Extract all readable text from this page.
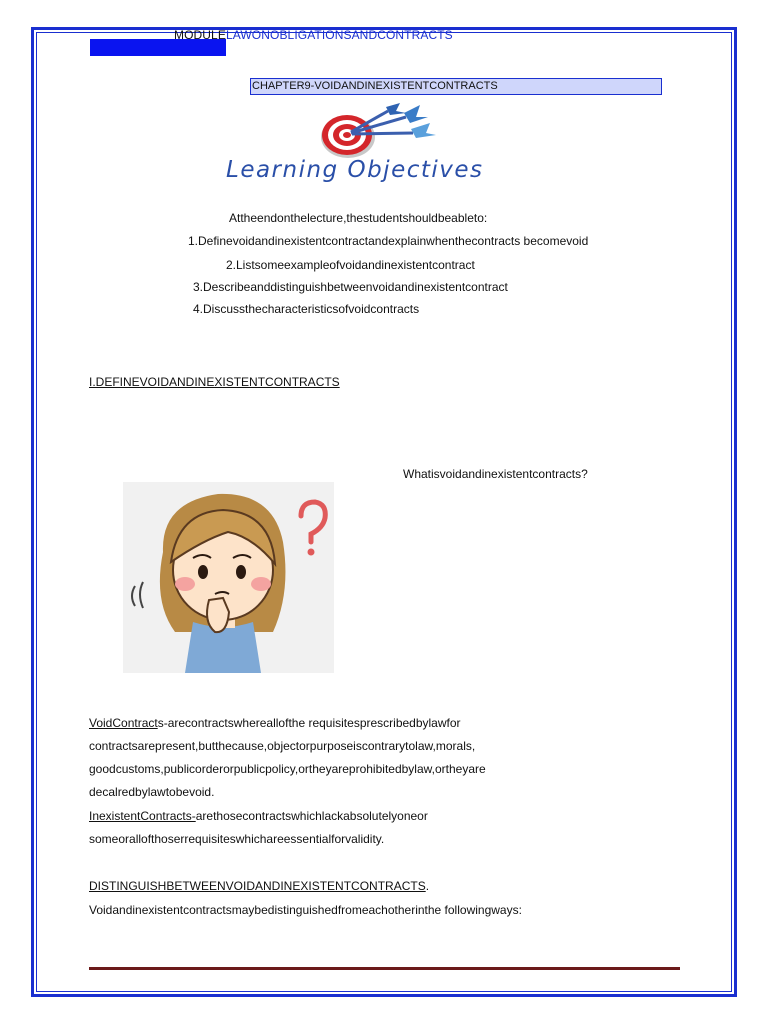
MODULELAWONOBLIGATIONSANDCONTRACTS
CHAPTER9-VOIDANDINEXISTENTCONTRACTS
Learning Objectives
Attheendonthelecture,thestudentshouldbeableto:
1.Definevoidandinexistentcontractandexplainwhenthecontracts becomevoid
2.Listsomeexampleofvoidandinexistentcontract
3.Describeanddistinguishbetweenvoidandinexistentcontract
4.Discussthecharacteristicsofvoidcontracts
I.DEFINEVOIDANDINEXISTENTCONTRACTS
Whatisvoidandinexistentcontracts?
VoidContracts-arecontractswhereallofthe requisitesprescribedbylawfor
contractsarepresent,butthecause,objectorpurposeiscontrarytolaw,morals,
goodcustoms,publicorderorpublicpolicy,ortheyareprohibitedbylaw,ortheyare
decalredbylawtobevoid.
InexistentContracts-arethosecontractswhichlackabsolutelyoneor
someorallofthoserrequisiteswhichareessentialforvalidity.
DISTINGUISHBETWEENVOIDANDINEXISTENTCONTRACTS.
Voidandinexistentcontractsmaybedistinguishedfromeachotherinthe followingways:
